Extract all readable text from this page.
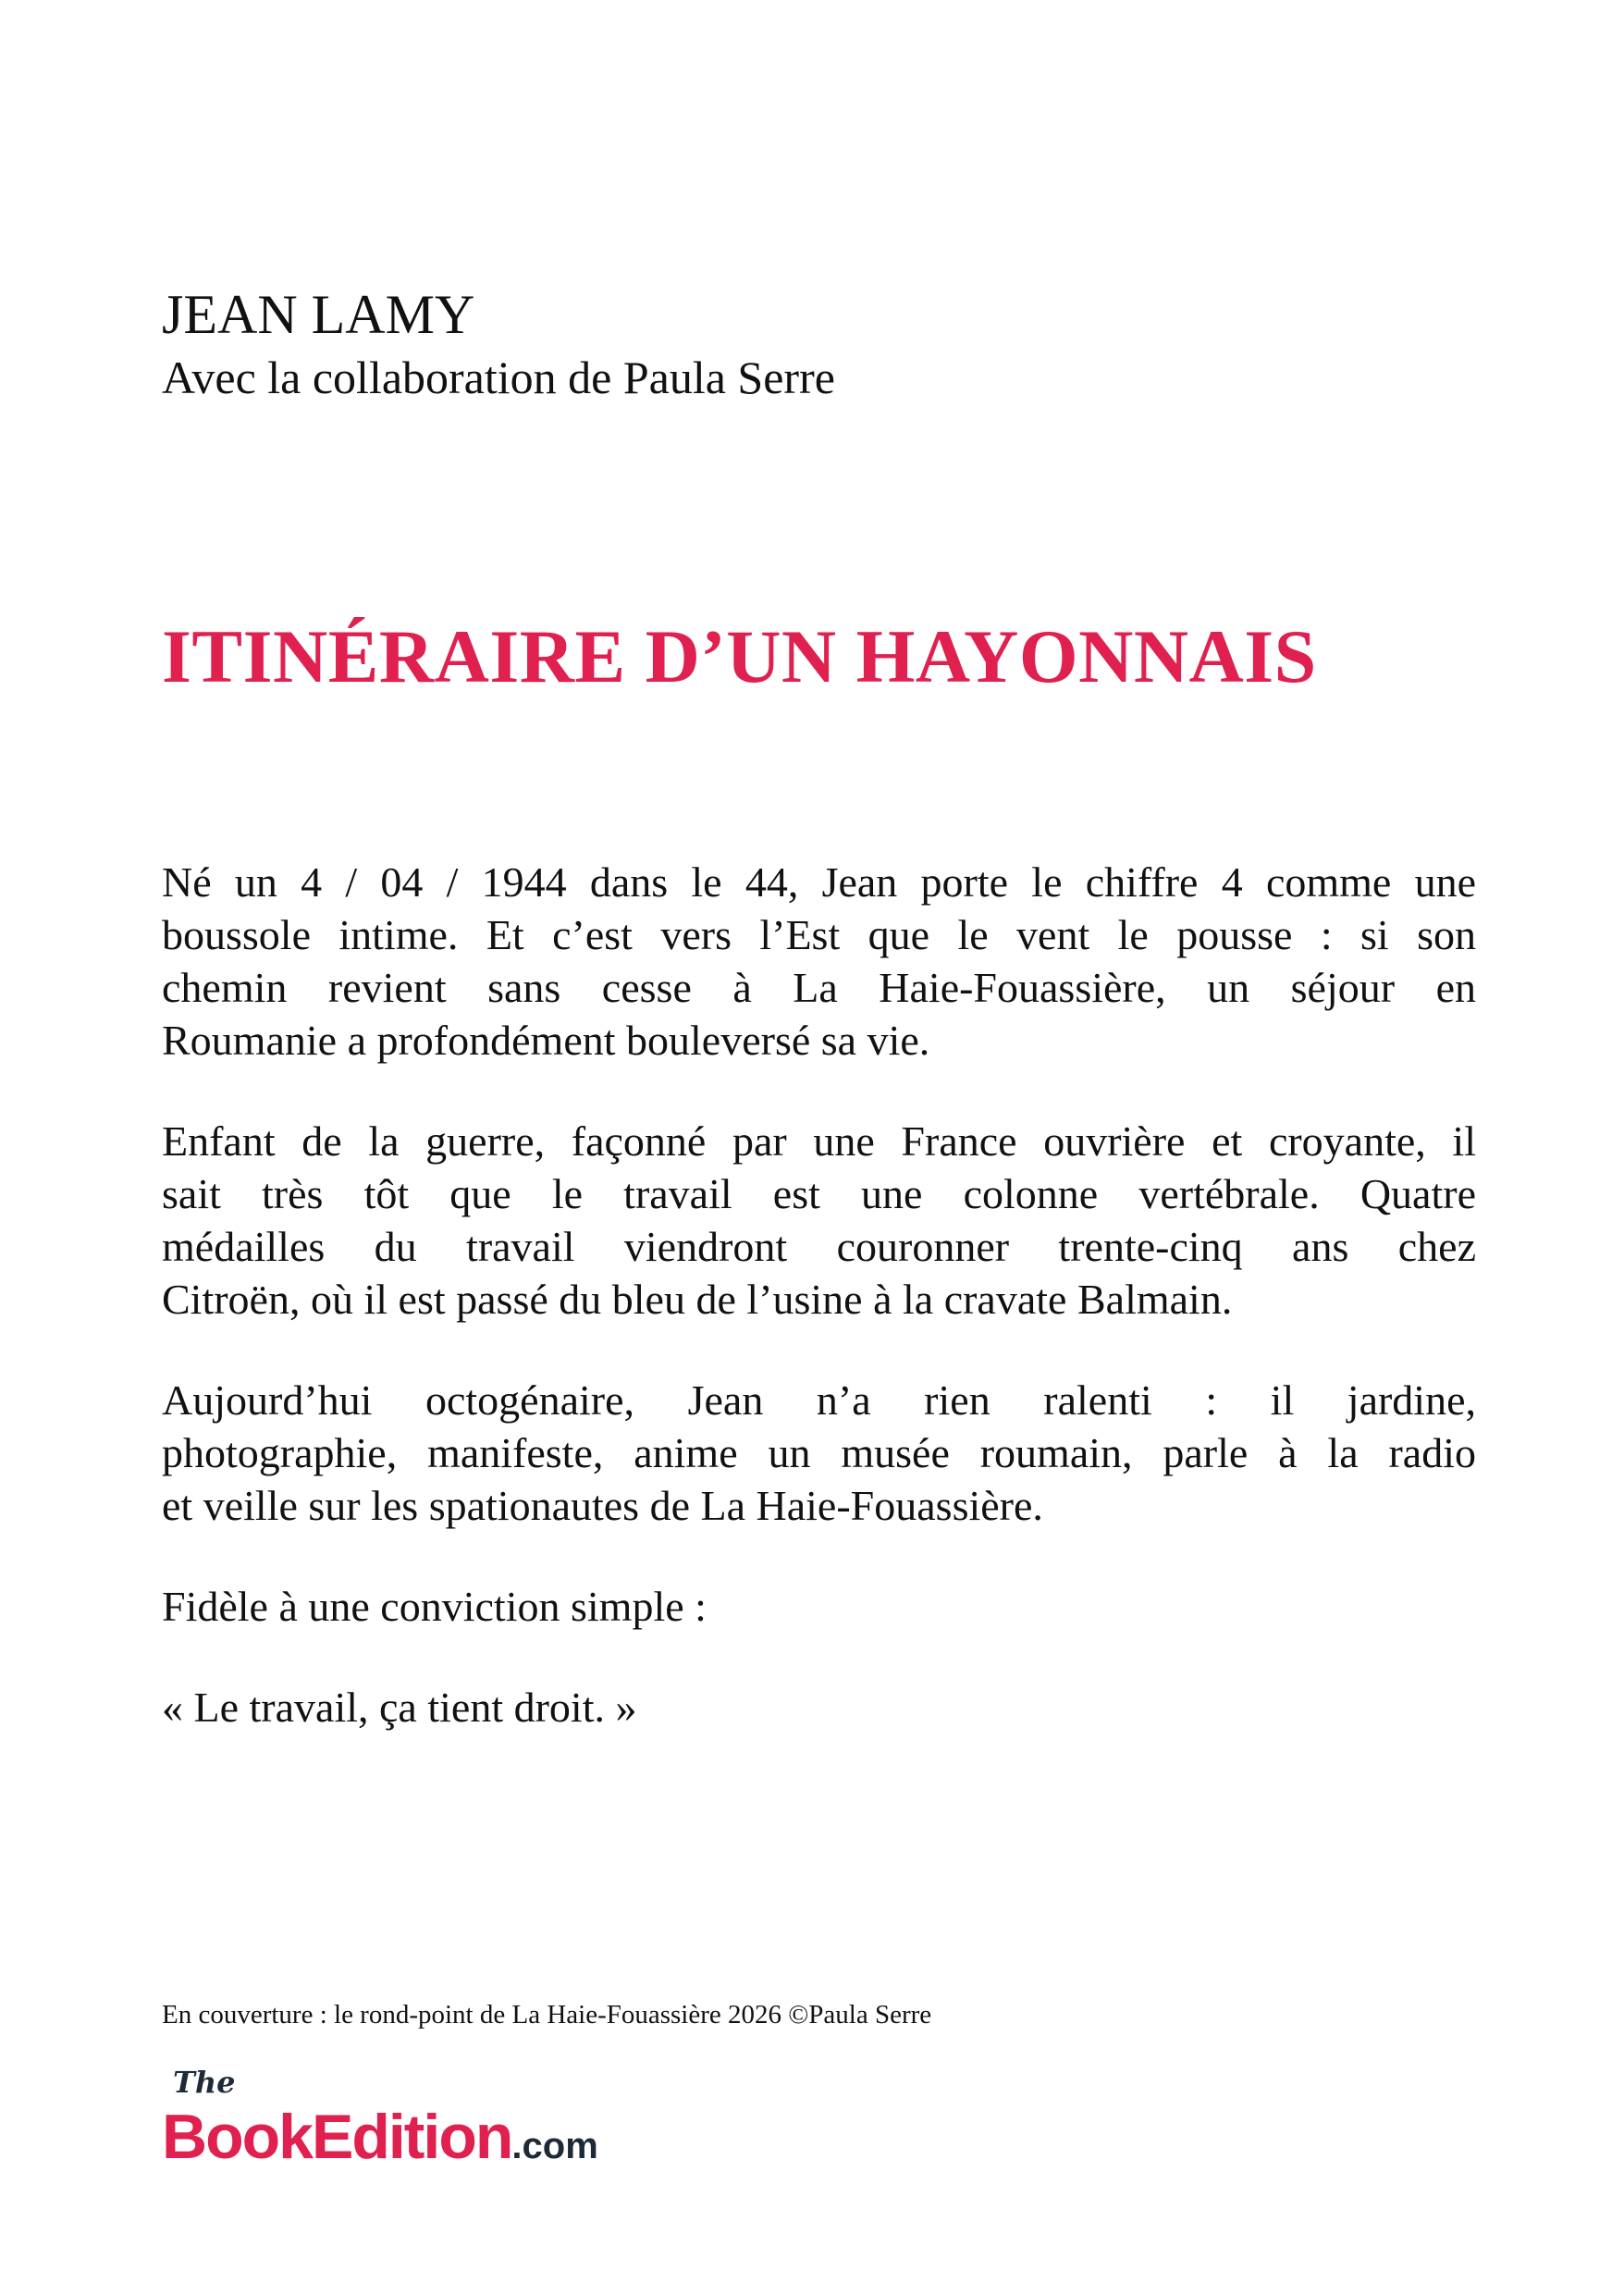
JEAN LAMY
Avec la collaboration de Paula Serre
ITINÉRAIRE D’UN HAYONNAIS
Né un 4 / 04 / 1944 dans le 44, Jean porte le chiffre 4 comme une
boussole intime. Et c’est vers l’Est que le vent le pousse : si son
chemin revient sans cesse à La Haie-Fouassière, un séjour en
Roumanie a profondément bouleversé sa vie.
Enfant de la guerre, façonné par une France ouvrière et croyante, il
sait très tôt que le travail est une colonne vertébrale. Quatre
médailles du travail viendront couronner trente-cinq ans chez
Citroën, où il est passé du bleu de l’usine à la cravate Balmain.
Aujourd’hui octogénaire, Jean n’a rien ralenti : il jardine,
photographie, manifeste, anime un musée roumain, parle à la radio
et veille sur les spationautes de La Haie-Fouassière.
Fidèle à une conviction simple :
« Le travail, ça tient droit. »
En couverture : le rond-point de La Haie-Fouassière 2026 ©Paula Serre
The
BookEdition.com
